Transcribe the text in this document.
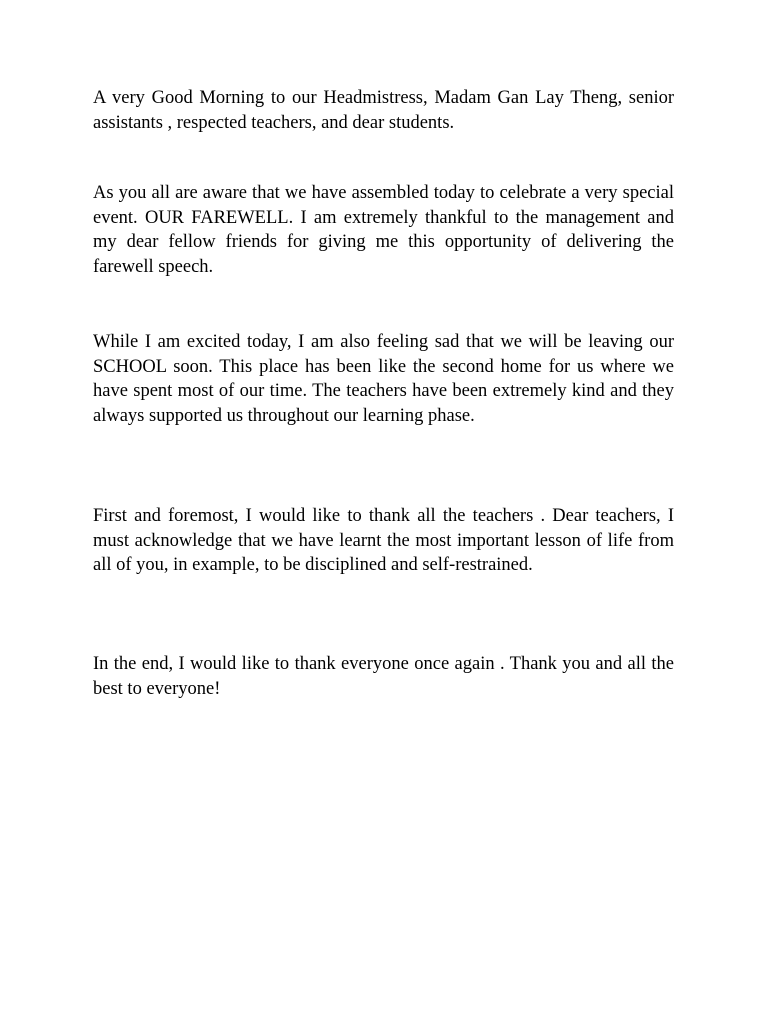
A very Good Morning to our Headmistress, Madam Gan Lay Theng, senior assistants , respected teachers, and dear students.

As you all are aware that we have assembled today to celebrate a very special event. OUR FAREWELL. I am extremely thankful to the management and my dear fellow friends for giving me this opportunity of delivering the farewell speech.

While I am excited today, I am also feeling sad that we will be leaving our SCHOOL soon. This place has been like the second home for us where we have spent most of our time. The teachers have been extremely kind and they always supported us throughout our learning phase.

First and foremost, I would like to thank all the teachers . Dear teachers, I must acknowledge that we have learnt the most important lesson of life from all of you, in example, to be disciplined and self-restrained.

In the end, I would like to thank everyone once again . Thank you and all the best to everyone!
